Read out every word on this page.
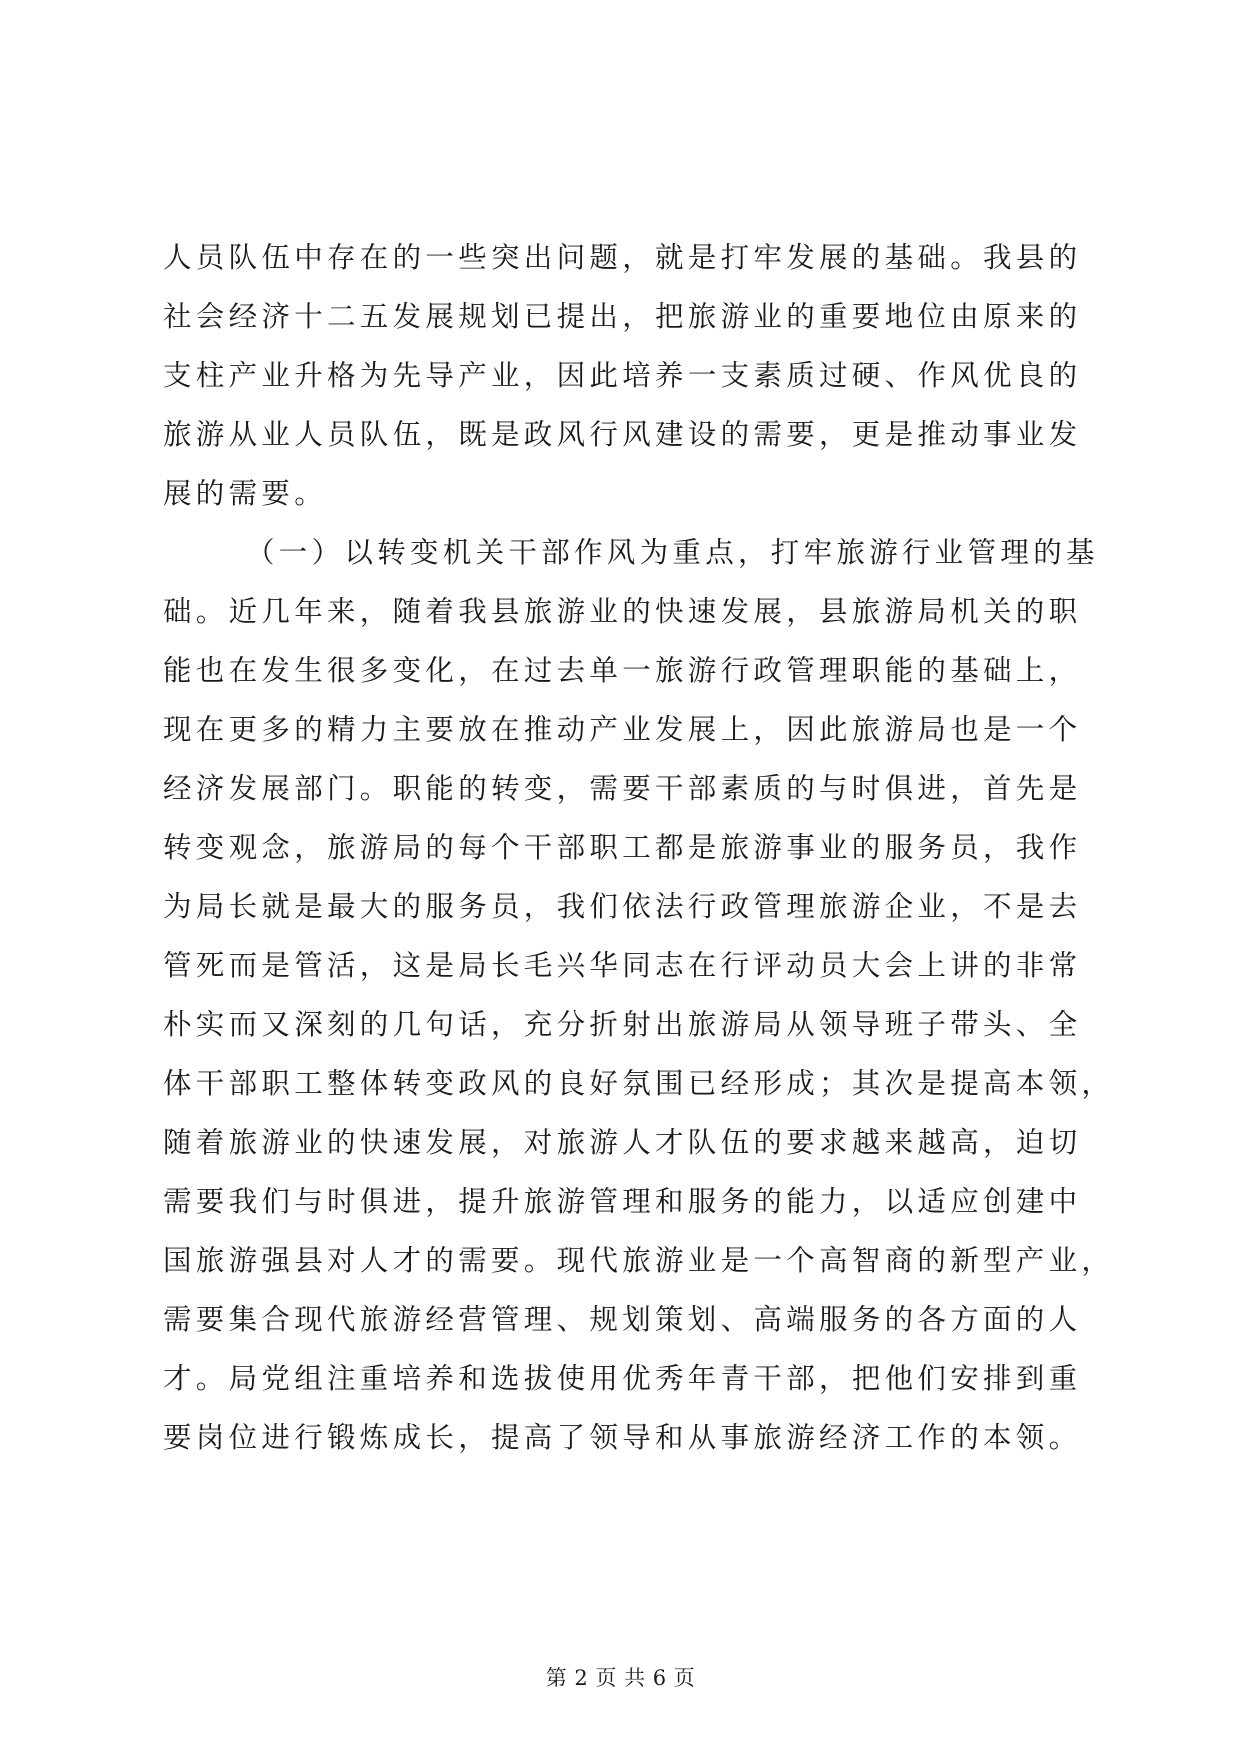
人员队伍中存在的一些突出问题，就是打牢发展的基础。我县的
社会经济十二五发展规划已提出，把旅游业的重要地位由原来的
支柱产业升格为先导产业，因此培养一支素质过硬、作风优良的
旅游从业人员队伍，既是政风行风建设的需要，更是推动事业发
展的需要。
（一）以转变机关干部作风为重点，打牢旅游行业管理的基
础。近几年来，随着我县旅游业的快速发展，县旅游局机关的职
能也在发生很多变化，在过去单一旅游行政管理职能的基础上，
现在更多的精力主要放在推动产业发展上，因此旅游局也是一个
经济发展部门。职能的转变，需要干部素质的与时俱进，首先是
转变观念，旅游局的每个干部职工都是旅游事业的服务员，我作
为局长就是最大的服务员，我们依法行政管理旅游企业，不是去
管死而是管活，这是局长毛兴华同志在行评动员大会上讲的非常
朴实而又深刻的几句话，充分折射出旅游局从领导班子带头、全
体干部职工整体转变政风的良好氛围已经形成；其次是提高本领，
随着旅游业的快速发展，对旅游人才队伍的要求越来越高，迫切
需要我们与时俱进，提升旅游管理和服务的能力，以适应创建中
国旅游强县对人才的需要。现代旅游业是一个高智商的新型产业，
需要集合现代旅游经营管理、规划策划、高端服务的各方面的人
才。局党组注重培养和选拔使用优秀年青干部，把他们安排到重
要岗位进行锻炼成长，提高了领导和从事旅游经济工作的本领。
第 2 页 共 6 页
